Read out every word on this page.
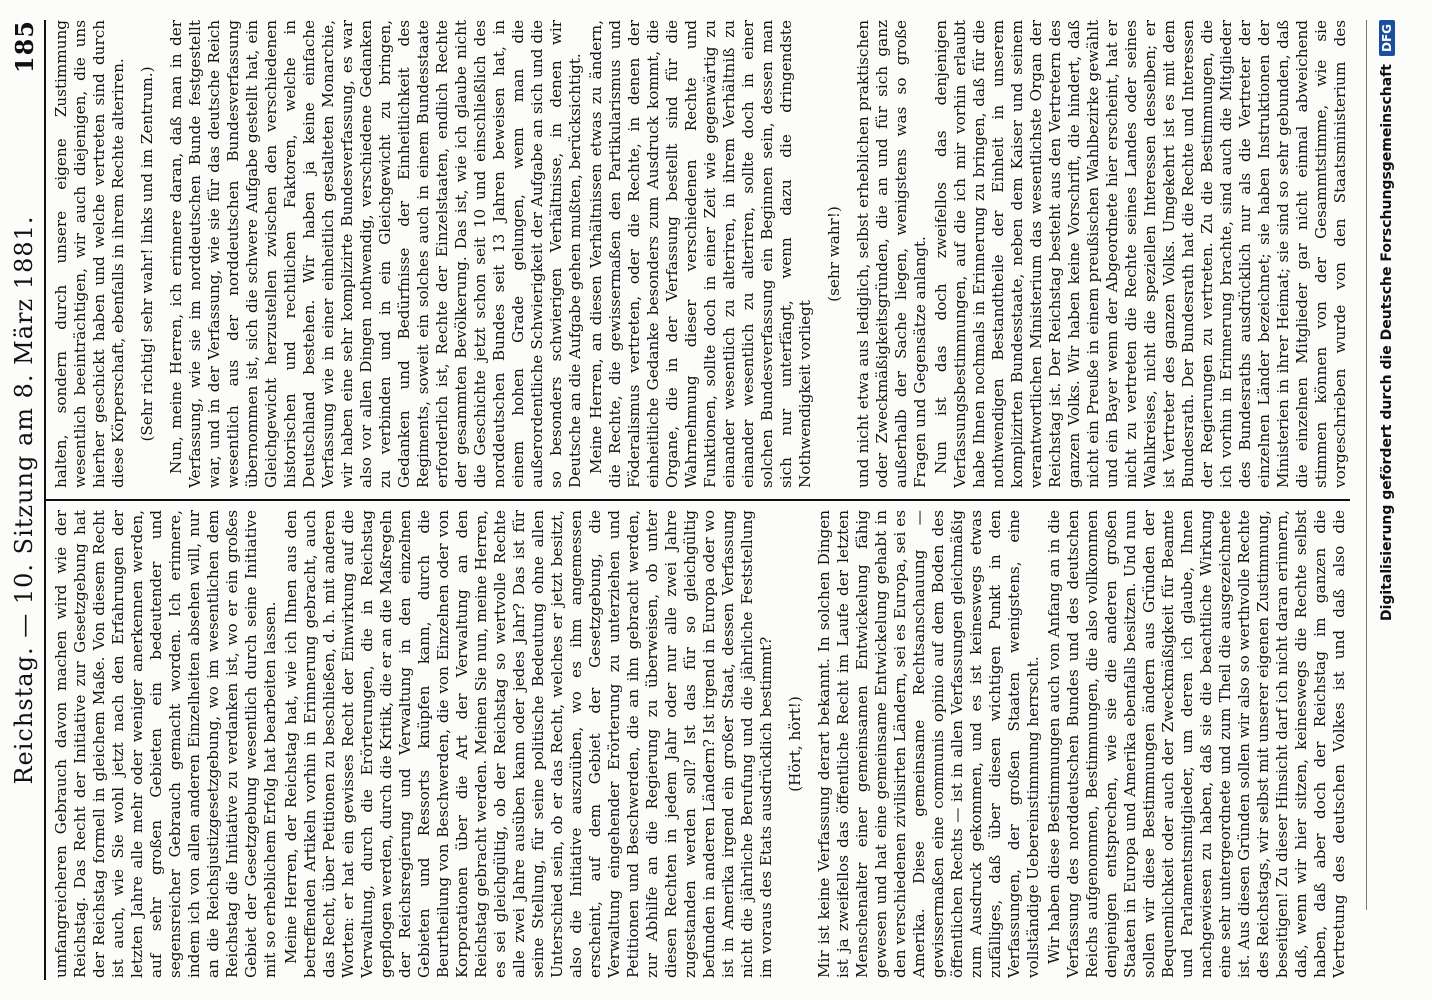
Reichstag. — 10. Sitzung am 8. März 1881.
185

umfangreicheren Gebrauch davon machen wird wie der Reichstag. Das Recht der Initiative zur Gesetzgebung hat der Reichstag formell in gleichem Maße. Von diesem Recht ist auch, wie Sie wohl jetzt nach den Erfahrungen der letzten Jahre alle mehr oder weniger anerkennen werden, auf sehr großen Gebieten ein bedeutender und segensreicher Gebrauch gemacht worden. Ich erinnere, indem ich von allen anderen Einzelheiten absehen will, nur an die Reichsjustizgesetzgebung, wo im wesentlichen dem Reichstag die Initiative zu verdanken ist, wo er ein großes Gebiet der Gesetzgebung wesentlich durch seine Initiative mit so erheblichem Erfolg hat bearbeiten lassen. Meine Herren, der Reichstag hat, wie ich Ihnen aus den betreffenden Artikeln vorhin in Erinnerung gebracht, auch das Recht, über Petitionen zu beschließen, d. h. mit anderen Worten: er hat ein gewisses Recht der Einwirkung auf die Verwaltung, durch die Erörterungen, die in Reichstag gepflogen werden, durch die Kritik, die er an die Maßregeln der Reichsregierung und Verwaltung in den einzelnen Gebieten und Ressorts knüpfen kann, durch die Beurtheilung von Beschwerden, die von Einzelnen oder von Korporationen über die Art der Verwaltung an den Reichstag gebracht werden. Meinen Sie nun, meine Herren, es sei gleichgültig, ob der Reichstag so wertvolle Rechte alle zwei Jahre ausüben kann oder jedes Jahr? Das ist für seine Stellung, für seine politische Bedeutung ohne allen Unterschied sein, ob er das Recht, welches er jetzt besitzt, also die Initiative auszuüben, wo es ihm angemessen erscheint, auf dem Gebiet der Gesetzgebung, die Verwaltung eingehender Erörterung zu unterziehen und Petitionen und Beschwerden, die an ihn gebracht werden, zur Abhilfe an die Regierung zu überweisen, ob unter diesen Rechten in jedem Jahr oder nur alle zwei Jahre zugestanden werden soll? Ist das für so gleichgültig befunden in anderen Ländern? Ist irgend in Europa oder wo ist in Amerika irgend ein großer Staat, dessen Verfassung nicht die jährliche Berufung und die jährliche Feststellung im voraus des Etats ausdrücklich bestimmt? (Hört, hört!) Mir ist keine Verfassung derart bekannt. In solchen Dingen ist ja zweifellos das öffentliche Recht im Laufe der letzten Menschenalter einer gemeinsamen Entwickelung fähig gewesen und hat eine gemeinsame Entwickelung gehabt in den verschiedenen zivilisirten Ländern, sei es Europa, sei es Amerika. Diese gemeinsame Rechtsanschauung — gewissermaßen eine communis opinio auf dem Boden des öffentlichen Rechts — ist in allen Verfassungen gleichmäßig zum Ausdruck gekommen, und es ist keineswegs etwas zufälliges, daß über diesen wichtigen Punkt in den Verfassungen, der großen Staaten wenigstens, eine vollständige Uebereinstimmung herrscht. Wir haben diese Bestimmungen auch von Anfang an in die Verfassung des norddeutschen Bundes und des deutschen Reichs aufgenommen, Bestimmungen, die also vollkommen denjenigen entsprechen, wie sie die anderen großen Staaten in Europa und Amerika ebenfalls besitzen. Und nun sollen wir diese Bestimmungen ändern aus Gründen der Bequemlichkeit oder auch der Zweckmäßigkeit für Beamte und Parlamentsmitglieder, um deren ich glaube, Ihnen nachgewiesen zu haben, daß sie die beachtliche Wirkung eine sehr untergeordnete und zum Theil die ausgezeichnete ist. Aus diesen Gründen sollen wir also so werthvolle Rechte des Reichstags, wir selbst mit unserer eigenen Zustimmung, beseitigen! Zu dieser Hinsicht darf ich nicht daran erinnern, daß, wenn wir hier sitzen, keineswegs die Rechte selbst haben, daß aber doch der Reichstag im ganzen die Vertretung des deutschen Volkes ist und daß also die

halten, sondern durch unsere eigene Zustimmung wesentlich beeinträchtigen, wir auch diejenigen, die uns hierher geschickt haben und welche vertreten sind durch diese Körperschaft, ebenfalls in ihrem Rechte alteriren. (Sehr richtig! sehr wahr! links und im Zentrum.) Nun, meine Herren, ich erinnere daran, daß man in der Verfassung, wie sie im norddeutschen Bunde festgestellt war, und in der Verfassung, wie sie für das deutsche Reich wesentlich aus der norddeutschen Bundesverfassung übernommen ist, sich die schwere Aufgabe gestellt hat, ein Gleichgewicht herzustellen zwischen den verschiedenen historischen und rechtlichen Faktoren, welche in Deutschland bestehen. Wir haben ja keine einfache Verfassung wie in einer einheitlich gestalteten Monarchie, wir haben eine sehr komplizirte Bundesverfassung, es war also vor allen Dingen nothwendig, verschiedene Gedanken zu verbinden und in ein Gleichgewicht zu bringen, Gedanken und Bedürfnisse der Einheitlichkeit des Regiments, soweit ein solches auch in einem Bundesstaate erforderlich ist, Rechte der Einzelstaaten, endlich Rechte der gesammten Bevölkerung. Das ist, wie ich glaube nicht die Geschichte jetzt schon seit 10 und einschließlich des norddeutschen Bundes seit 13 Jahren beweisen hat, in einem hohen Grade gelungen, wenn man die außerordentliche Schwierigkeit der Aufgabe an sich und die so besonders schwierigen Verhältnisse, in denen wir Deutsche an die Aufgabe gehen mußten, berücksichtigt. Meine Herren, an diesen Verhältnissen etwas zu ändern, die Rechte, die gewissermaßen den Partikularismus und Föderalismus vertreten, oder die Rechte, in denen der einheitliche Gedanke besonders zum Ausdruck kommt, die Organe, die in der Verfassung bestellt sind für die Wahrnehmung dieser verschiedenen Rechte und Funktionen, sollte doch in einer Zeit wie gegenwärtig zu einander wesentlich zu alteriren, in ihrem Verhältniß zu einander wesentlich zu alteriren, sollte doch in einer solchen Bundesverfassung ein Beginnen sein, dessen man sich nur unterfängt, wenn dazu die dringendste Nothwendigkeit vorliegt

(sehr wahr!) und nicht etwa aus lediglich, selbst erheblichen praktischen oder Zweckmäßigkeitsgründen, die an und für sich ganz außerhalb der Sache liegen, wenigstens was so große Fragen und Gegensätze anlangt. Nun ist das doch zweifellos das denjenigen Verfassungsbestimmungen, auf die ich mir vorhin erlaubt habe Ihnen nochmals in Erinnerung zu bringen, daß für die nothwendigen Bestandtheile der Einheit in unserem komplizirten Bundesstaate, neben dem Kaiser und seinem verantwortlichen Ministerium das wesentlichste Organ der Reichstag ist. Der Reichstag besteht aus den Vertretern des ganzen Volks. Wir haben keine Vorschrift, die hindert, daß nicht ein Preuße in einem preußischen Wahlbezirke gewählt und ein Bayer wenn der Abgeordnete hier erscheint, hat er nicht zu vertreten die Rechte seines Landes oder seines Wahlkreises, nicht die speziellen Interessen desselben; er ist Vertreter des ganzen Volks. Umgekehrt ist es mit dem Bundesrath. Der Bundesrath hat die Rechte und Interessen der Regierungen zu vertreten. Zu die Bestimmungen, die ich vorhin in Erinnerung brachte, sind auch die Mitglieder des Bundesraths ausdrücklich nur als die Vertreter der einzelnen Länder bezeichnet; sie haben Instruktionen der Ministerien in ihrer Heimat; sie sind so sehr gebunden, daß die einzelnen Mitglieder gar nicht einmal abweichend stimmen können von der Gesammtstimme, wie sie vorgeschrieben wurde von den Staatsministerium des

Digitalisierung gefördert durch die Deutsche Forschungsgemeinschaft
DFG
